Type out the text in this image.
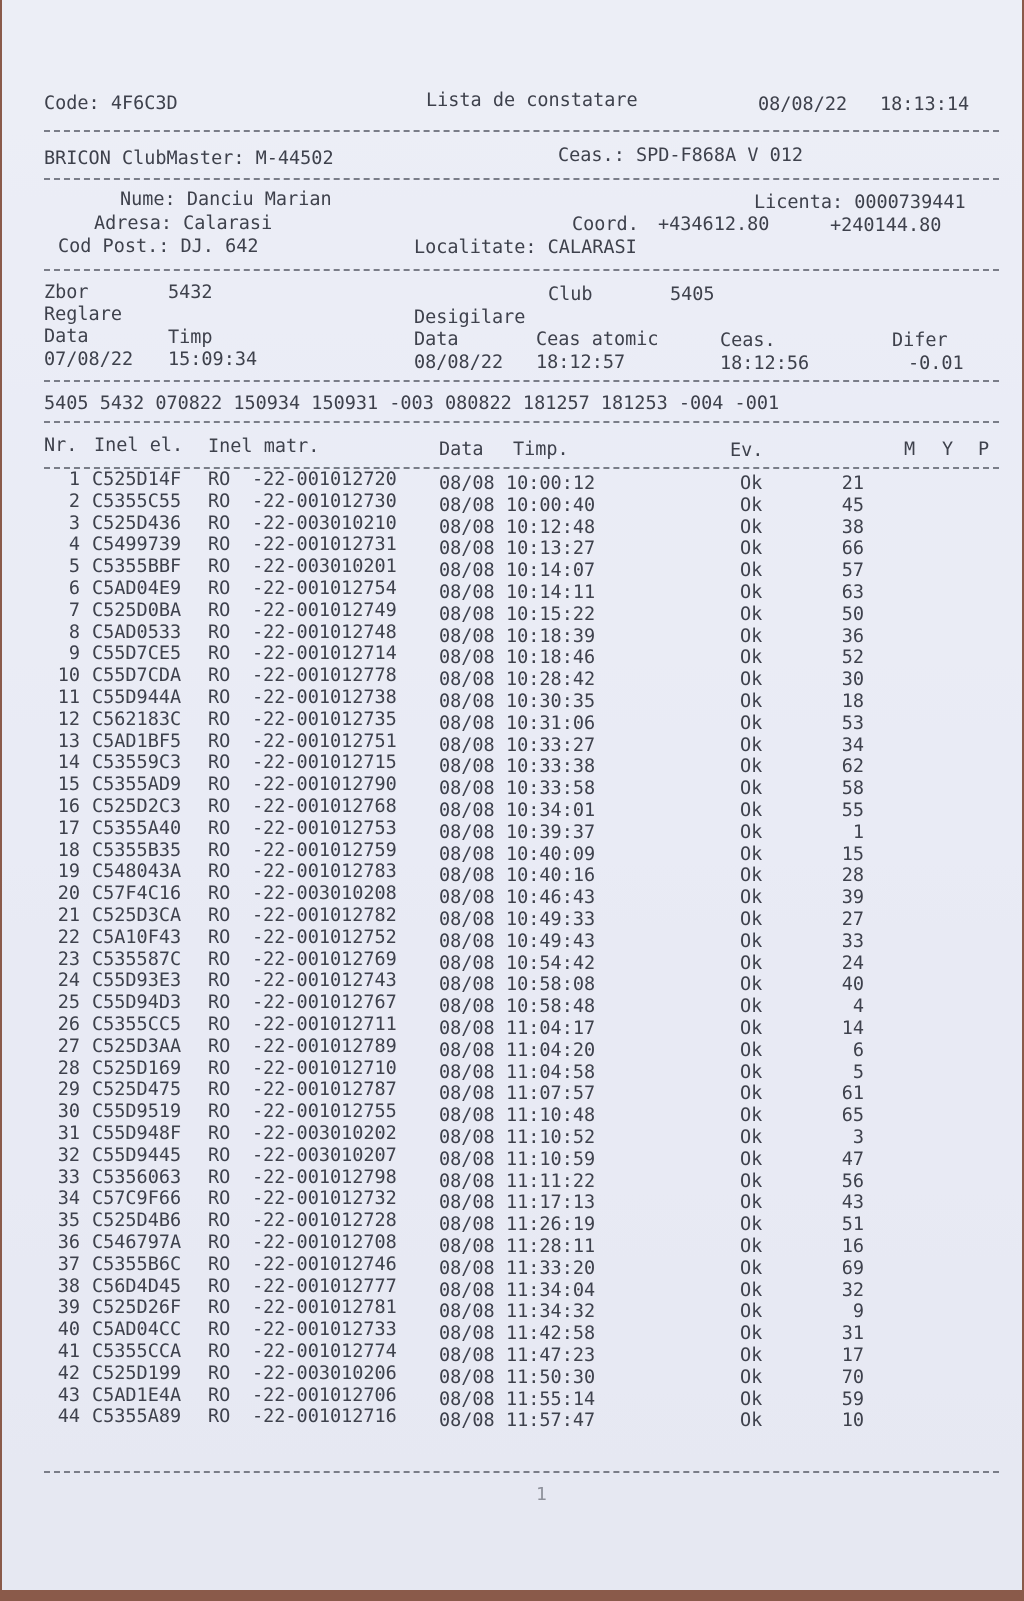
Code: 4F6C3D	Lista de constatare	08/08/22 18:13:14
BRICON ClubMaster: M-44502	Ceas.: SPD-F868A V 012
Nume: Danciu Marian	Licenta: 0000739441
Adresa: Calarasi	Coord. +434612.80	+240144.80
Cod Post.: DJ. 642	Localitate: CALARASI
Zbor	5432	Club	5405
Reglare	Desigilare
Data	Timp	Data	Ceas atomic	Ceas.	Difer
07/08/22 15:09:34	08/08/22 18:12:57	18:12:56	-0.01
5405 5432 070822 150934 150931 -003 080822 181257 181253 -004 -001
Nr. Inel el. Inel matr.	Data Timp.	Ev.	M Y P
1 C525D14F RO -22-001012720 08/08 10:00:12	Ok	21
2 C5355C55 RO -22-001012730 08/08 10:00:40	Ok	45
3 C525D436 RO -22-003010210 08/08 10:12:48	Ok	38
4 C5499739 RO -22-001012731 08/08 10:13:27	Ok	66
5 C5355BBF RO -22-003010201 08/08 10:14:07	Ok	57
6 C5AD04E9 RO -22-001012754 08/08 10:14:11	Ok	63
7 C525D0BA RO -22-001012749 08/08 10:15:22	Ok	50
8 C5AD0533 RO -22-001012748 08/08 10:18:39	Ok	36
9 C55D7CE5 RO -22-001012714 08/08 10:18:46	Ok	52
10 C55D7CDA RO -22-001012778 08/08 10:28:42	Ok	30
11 C55D944A RO -22-001012738 08/08 10:30:35	Ok	18
12 C562183C RO -22-001012735 08/08 10:31:06	Ok	53
13 C5AD1BF5 RO -22-001012751 08/08 10:33:27	Ok	34
14 C53559C3 RO -22-001012715 08/08 10:33:38	Ok	62
15 C5355AD9 RO -22-001012790 08/08 10:33:58	Ok	58
16 C525D2C3 RO -22-001012768 08/08 10:34:01	Ok	55
17 C5355A40 RO -22-001012753 08/08 10:39:37	Ok	1
18 C5355B35 RO -22-001012759 08/08 10:40:09	Ok	15
19 C548043A RO -22-001012783 08/08 10:40:16	Ok	28
20 C57F4C16 RO -22-003010208 08/08 10:46:43	Ok	39
21 C525D3CA RO -22-001012782 08/08 10:49:33	Ok	27
22 C5A10F43 RO -22-001012752 08/08 10:49:43	Ok	33
23 C535587C RO -22-001012769 08/08 10:54:42	Ok	24
24 C55D93E3 RO -22-001012743 08/08 10:58:08	Ok	40
25 C55D94D3 RO -22-001012767 08/08 10:58:48	Ok	4
26 C5355CC5 RO -22-001012711 08/08 11:04:17	Ok	14
27 C525D3AA RO -22-001012789 08/08 11:04:20	Ok	6
28 C525D169 RO -22-001012710 08/08 11:04:58	Ok	5
29 C525D475 RO -22-001012787 08/08 11:07:57	Ok	61
30 C55D9519 RO -22-001012755 08/08 11:10:48	Ok	65
31 C55D948F RO -22-003010202 08/08 11:10:52	Ok	3
32 C55D9445 RO -22-003010207 08/08 11:10:59	Ok	47
33 C5356063 RO -22-001012798 08/08 11:11:22	Ok	56
34 C57C9F66 RO -22-001012732 08/08 11:17:13	Ok	43
35 C525D4B6 RO -22-001012728 08/08 11:26:19	Ok	51
36 C546797A RO -22-001012708 08/08 11:28:11	Ok	16
37 C5355B6C RO -22-001012746 08/08 11:33:20	Ok	69
38 C56D4D45 RO -22-001012777 08/08 11:34:04	Ok	32
39 C525D26F RO -22-001012781 08/08 11:34:32	Ok	9
40 C5AD04CC RO -22-001012733 08/08 11:42:58	Ok	31
41 C5355CCA RO -22-001012774 08/08 11:47:23	Ok	17
42 C525D199 RO -22-003010206 08/08 11:50:30	Ok	70
43 C5AD1E4A RO -22-001012706 08/08 11:55:14	Ok	59
44 C5355A89 RO -22-001012716 08/08 11:57:47	Ok	10
1
